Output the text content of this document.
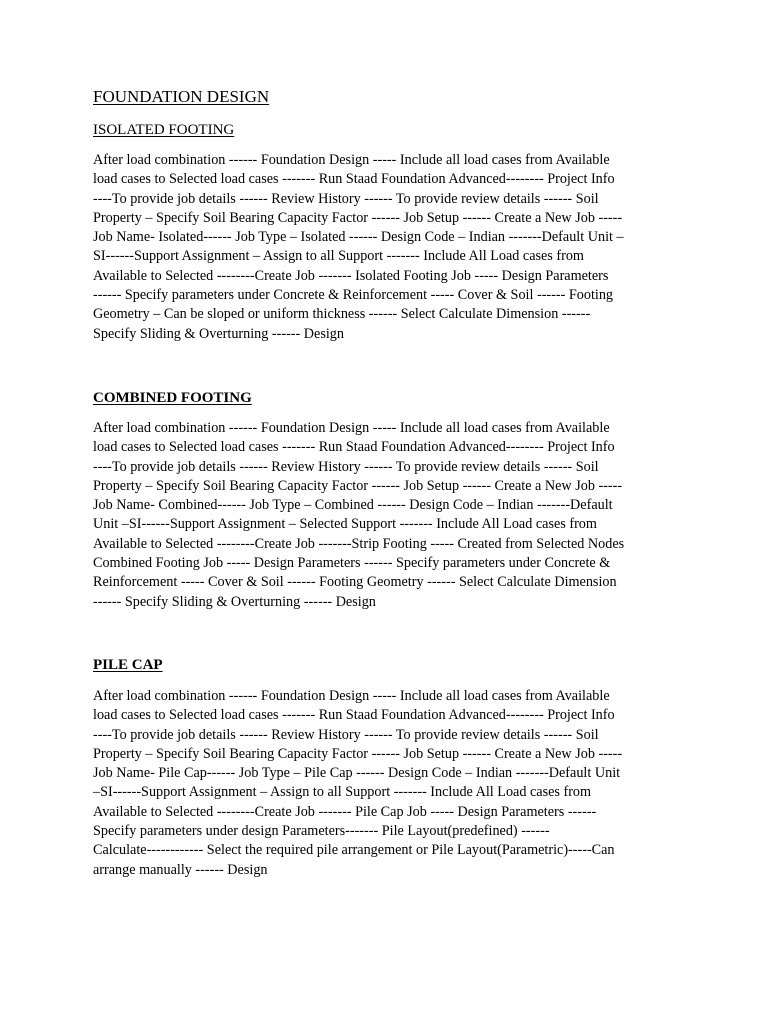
FOUNDATION DESIGN
ISOLATED FOOTING
After load combination ------ Foundation Design ----- Include all load cases from Available
load cases to Selected load cases ------- Run Staad Foundation Advanced-------- Project Info
----To provide job details ------ Review History ------ To provide review details ------ Soil
Property – Specify Soil Bearing Capacity Factor ------ Job Setup ------ Create a New Job -----
Job Name- Isolated------ Job Type – Isolated ------ Design Code – Indian -------Default Unit –
SI------Support Assignment – Assign to all Support ------- Include All Load cases from
Available to Selected --------Create Job ------- Isolated Footing Job ----- Design Parameters
------ Specify parameters under Concrete & Reinforcement ----- Cover & Soil ------ Footing
Geometry – Can be sloped or uniform thickness ------ Select Calculate Dimension ------
Specify Sliding & Overturning ------ Design
COMBINED FOOTING
After load combination ------ Foundation Design ----- Include all load cases from Available
load cases to Selected load cases ------- Run Staad Foundation Advanced-------- Project Info
----To provide job details ------ Review History ------ To provide review details ------ Soil
Property – Specify Soil Bearing Capacity Factor ------ Job Setup ------ Create a New Job -----
Job Name- Combined------ Job Type – Combined ------ Design Code – Indian -------Default
Unit –SI------Support Assignment – Selected Support ------- Include All Load cases from
Available to Selected --------Create Job -------Strip Footing ----- Created from Selected Nodes
Combined Footing Job ----- Design Parameters ------ Specify parameters under Concrete &
Reinforcement ----- Cover & Soil ------ Footing Geometry ------ Select Calculate Dimension
------ Specify Sliding & Overturning ------ Design
PILE CAP
After load combination ------ Foundation Design ----- Include all load cases from Available
load cases to Selected load cases ------- Run Staad Foundation Advanced-------- Project Info
----To provide job details ------ Review History ------ To provide review details ------ Soil
Property – Specify Soil Bearing Capacity Factor ------ Job Setup ------ Create a New Job -----
Job Name- Pile Cap------ Job Type – Pile Cap ------ Design Code – Indian -------Default Unit
–SI------Support Assignment – Assign to all Support ------- Include All Load cases from
Available to Selected --------Create Job ------- Pile Cap Job ----- Design Parameters ------
Specify parameters under design Parameters------- Pile Layout(predefined) ------
Calculate------------ Select the required pile arrangement or Pile Layout(Parametric)-----Can
arrange manually ------ Design
